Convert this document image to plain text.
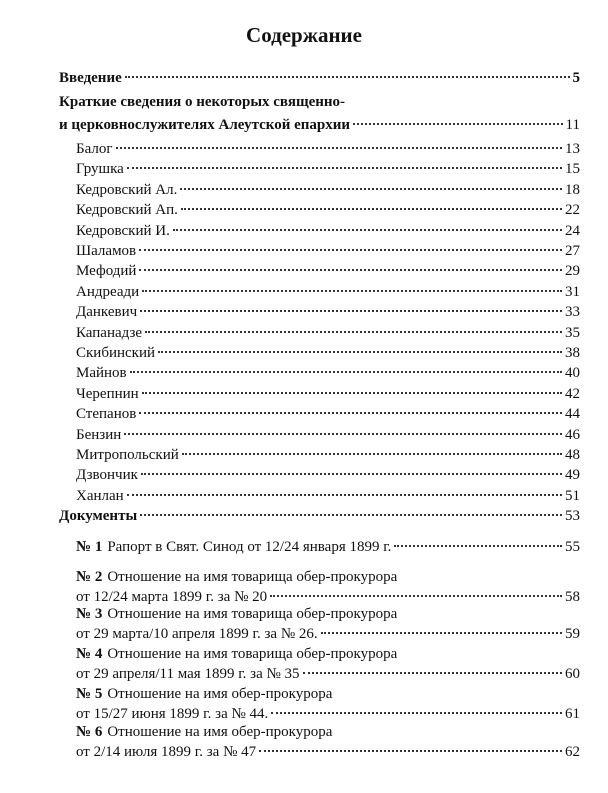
Содержание
Введение	5
Краткие сведения о некоторых священно-
и церковнослужителях Алеутской епархии	11
Балог	13
Грушка	15
Кедровский Ал.	18
Кедровский Ап.	22
Кедровский И.	24
Шаламов	27
Мефодий	29
Андреади	31
Данкевич	33
Капанадзе	35
Скибинский	38
Майнов	40
Черепнин	42
Степанов	44
Бензин	46
Митропольский	48
Дзвончик	49
Ханлан	51
Документы	53
№ 1 Рапорт в Свят. Синод от 12/24 января 1899 г.	55
№ 2 Отношение на имя товарища обер-прокурора
от 12/24 марта 1899 г. за № 20	58
№ 3 Отношение на имя товарища обер-прокурора
от 29 марта/10 апреля 1899 г. за № 26.	59
№ 4 Отношение на имя товарища обер-прокурора
от 29 апреля/11 мая 1899 г. за № 35	60
№ 5 Отношение на имя обер-прокурора
от 15/27 июня 1899 г. за № 44.	61
№ 6 Отношение на имя обер-прокурора
от 2/14 июля 1899 г. за № 47	62
